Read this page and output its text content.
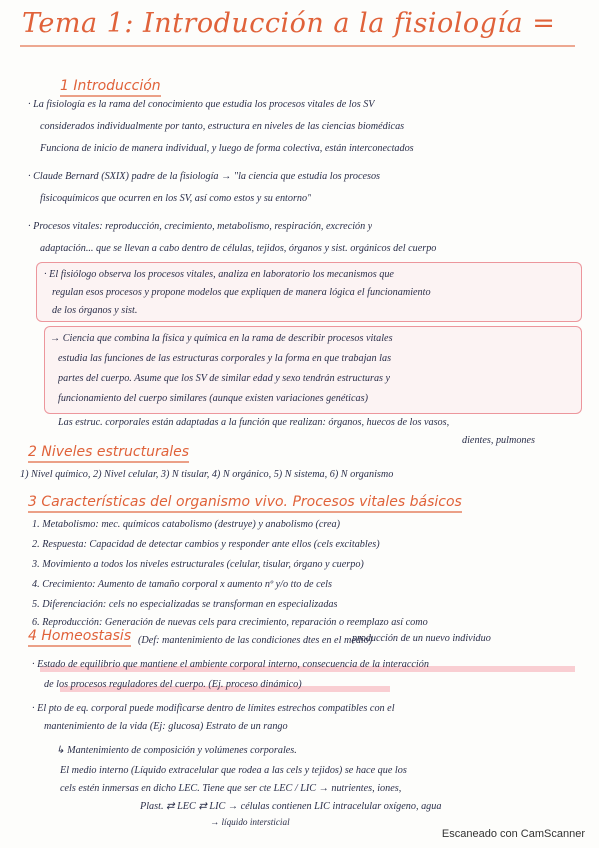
Tema 1: Introducción a la fisiología =
1 Introducción
· La fisiología es la rama del conocimiento que estudia los procesos vitales de los SV
considerados individualmente por tanto, estructura en niveles de las ciencias biomédicas
Funciona de inicio de manera individual, y luego de forma colectiva, están interconectados
· Claude Bernard (SXIX) padre de la fisiología → "la ciencia que estudia los procesos
fisicoquímicos que ocurren en los SV, así como estos y su entorno"
· Procesos vitales: reproducción, crecimiento, metabolismo, respiración, excreción y
adaptación... que se llevan a cabo dentro de células, tejidos, órganos y sist. orgánicos del cuerpo
· El fisiólogo observa los procesos vitales, analiza en laboratorio los mecanismos que
regulan esos procesos y propone modelos que expliquen de manera lógica el funcionamiento
de los órganos y sist.
→ Ciencia que combina la física y química en la rama de describir procesos vitales
estudia las funciones de las estructuras corporales y la forma en que trabajan las
partes del cuerpo. Asume que los SV de similar edad y sexo tendrán estructuras y
funcionamiento del cuerpo similares (aunque existen variaciones genéticas)
Las estruc. corporales están adaptadas a la función que realizan: órganos, huecos de los vasos,
dientes, pulmones
2 Niveles estructurales
1) Nivel químico, 2) Nivel celular, 3) N tisular, 4) N orgánico, 5) N sistema, 6) N organismo
3 Características del organismo vivo. Procesos vitales básicos
1. Metabolismo: mec. químicos catabolismo (destruye) y anabolismo (crea)
2. Respuesta: Capacidad de detectar cambios y responder ante ellos (cels excitables)
3. Movimiento a todos los niveles estructurales (celular, tisular, órgano y cuerpo)
4. Crecimiento: Aumento de tamaño corporal x aumento nº y/o tto de cels
5. Diferenciación: cels no especializadas se transforman en especializadas
6. Reproducción: Generación de nuevas cels para crecimiento, reparación o reemplazo así como
producción de un nuevo individuo
4 Homeostasis (Def: mantenimiento de las condiciones dtes en el medio)
· Estado de equilibrio que mantiene el ambiente corporal interno, consecuencia de la interacción
de los procesos reguladores del cuerpo. (Ej. proceso dinámico)
· El pto de eq. corporal puede modificarse dentro de límites estrechos compatibles con el
mantenimiento de la vida (Ej: glucosa) Estrato de un rango
↳ Mantenimiento de composición y volúmenes corporales.
El medio interno (Líquido extracelular que rodea a las cels y tejidos) se hace que los
cels estén inmersas en dicho LEC. Tiene que ser cte LEC / LIC → nutrientes, iones,
Plast. ⇄ LEC ⇄ LIC → células contienen LIC intracelular oxígeno, agua
→ líquido intersticial
Escaneado con CamScanner
